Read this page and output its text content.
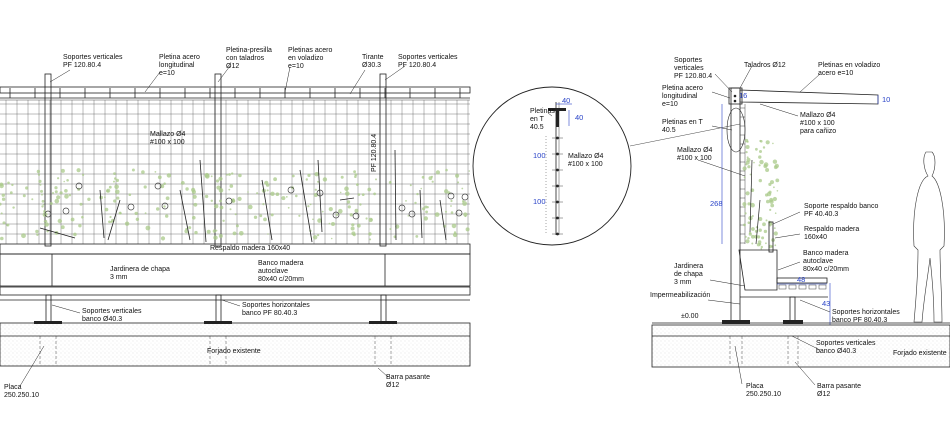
Soportes verticales PF 120.80.4
Pletina acero longitudinal e=10
Pletina-presilla con taladros Ø12
Pletinas acero en voladizo e=10
Tirante Ø30.3
Soportes verticales PF 120.80.4
Mallazo Ø4 #100 x 100	PF 120.80.4
Respaldo madera 160x40
Jardinera de chapa 3 mm
Banco madera autoclave 80x40 c/20mm
Soportes verticales banco Ø40.3
Soportes horizontales banco PF 80.40.3
Forjado existente
Placa 250.250.10
Barra pasante Ø12
40
40
100
100
Pletinas en T 40.5
Mallazo Ø4 #100 x 100
16	10
268
48
43
Soportes verticales PF 120.80.4
Taladros Ø12	Pletinas en voladizo acero e=10
Pletina acero longitudinal e=10
Mallazo Ø4 #100 x 100 para cañizo
Pletinas en T 40.5
Mallazo Ø4 #100 x 100
Soporte respaldo banco PF 40.40.3
Respaldo madera 160x40
Banco madera autoclave 80x40 c/20mm
Jardinera de chapa 3 mm
Impermeabilización
±0.00
Soportes horizontales banco PF 80.40.3
Soportes verticales banco Ø40.3	Forjado existente
Placa 250.250.10
Barra pasante Ø12
